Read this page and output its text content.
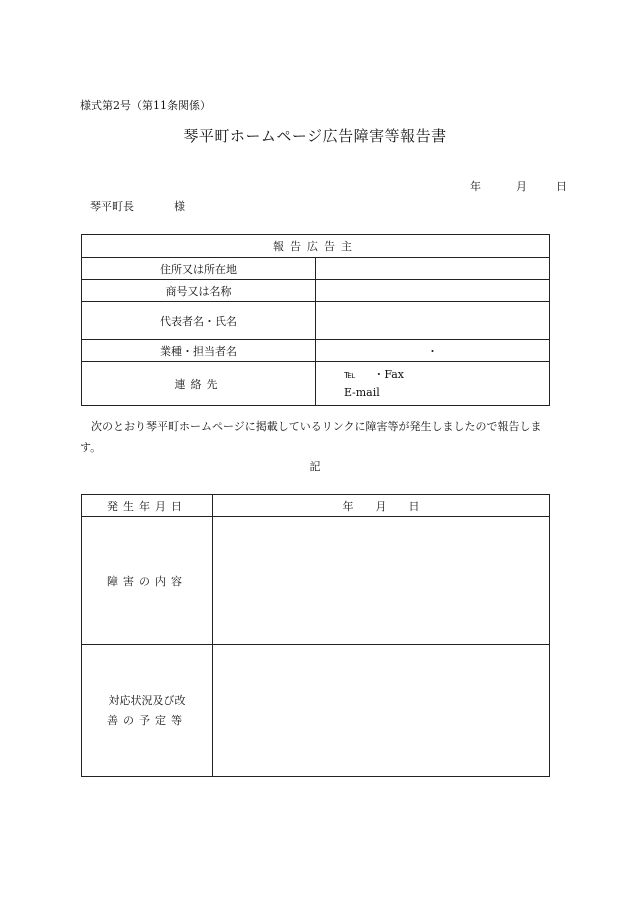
様式第2号（第11条関係）
琴平町ホームページ広告障害等報告書
年	月	日
琴平町長	様
報告広告主	
住所又は所在地	
商号又は名称	
代表者名・氏名	
業種・担当者名	・
連絡先	℡ ・Fax
E‐mail
次のとおり琴平町ホームページに掲載しているリンクに障害等が発生しましたので報告します。
記
発生年月日	年　　月　　日
障害の内容	

対応状況及び改
善の予定等	
